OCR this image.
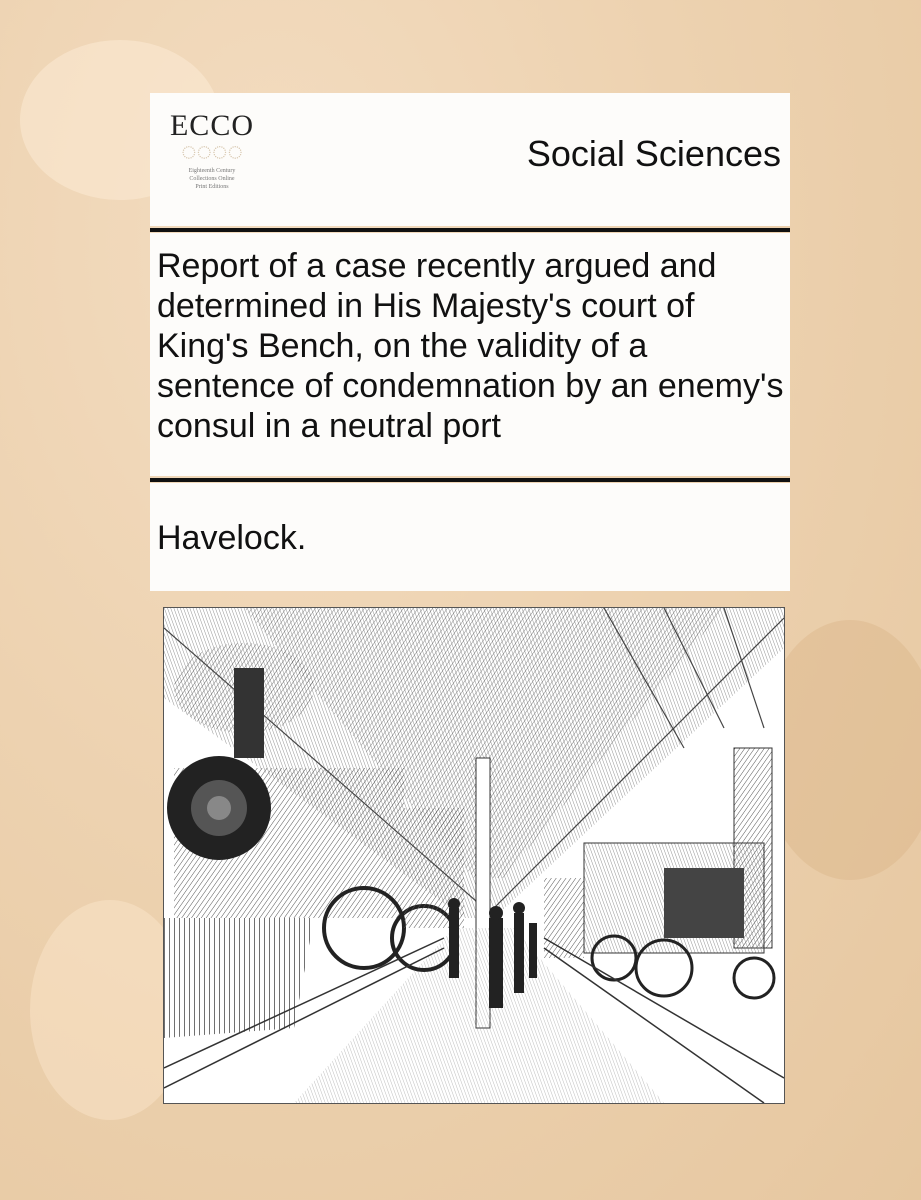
ECCO
◌◌◌◌
Eighteenth Century
Collections Online
Print Editions
Social Sciences
Report of a case recently argued and determined in His Majesty's court of King's Bench, on the validity of a sentence of condemnation by an enemy's consul in a neutral port
Havelock.
